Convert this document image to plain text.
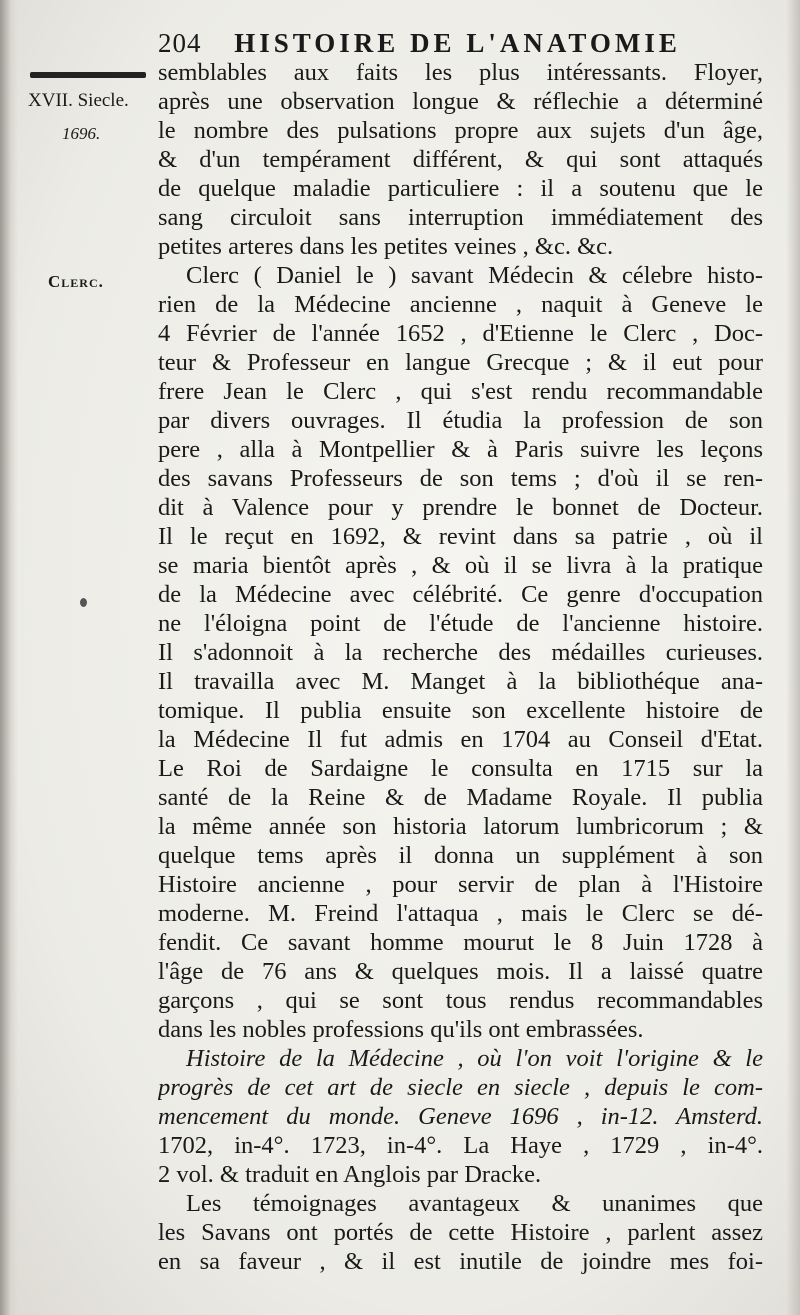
204 HISTOIRE DE L'ANATOMIE
XVII. Siecle.
1696.
Clerc.
semblables aux faits les plus intéressants. Floyer,
après une observation longue & réflechie a déterminé
le nombre des pulsations propre aux sujets d'un âge,
& d'un tempérament différent, & qui sont attaqués
de quelque maladie particuliere : il a soutenu que le
sang circuloit sans interruption immédiatement des
petites arteres dans les petites veines , &c. &c.
Clerc ( Daniel le ) savant Médecin & célebre histo-
rien de la Médecine ancienne , naquit à Geneve le
4 Février de l'année 1652 , d'Etienne le Clerc , Doc-
teur & Professeur en langue Grecque ; & il eut pour
frere Jean le Clerc , qui s'est rendu recommandable
par divers ouvrages. Il étudia la profession de son
pere , alla à Montpellier & à Paris suivre les leçons
des savans Professeurs de son tems ; d'où il se ren-
dit à Valence pour y prendre le bonnet de Docteur.
Il le reçut en 1692, & revint dans sa patrie , où il
se maria bientôt après , & où il se livra à la pratique
de la Médecine avec célébrité. Ce genre d'occupation
ne l'éloigna point de l'étude de l'ancienne histoire.
Il s'adonnoit à la recherche des médailles curieuses.
Il travailla avec M. Manget à la bibliothéque ana-
tomique. Il publia ensuite son excellente histoire de
la Médecine Il fut admis en 1704 au Conseil d'Etat.
Le Roi de Sardaigne le consulta en 1715 sur la
santé de la Reine & de Madame Royale. Il publia
la même année son historia latorum lumbricorum ; &
quelque tems après il donna un supplément à son
Histoire ancienne , pour servir de plan à l'Histoire
moderne. M. Freind l'attaqua , mais le Clerc se dé-
fendit. Ce savant homme mourut le 8 Juin 1728 à
l'âge de 76 ans & quelques mois. Il a laissé quatre
garçons , qui se sont tous rendus recommandables
dans les nobles professions qu'ils ont embrassées.
Histoire de la Médecine , où l'on voit l'origine & le
progrès de cet art de siecle en siecle , depuis le com-
mencement du monde. Geneve 1696 , in-12. Amsterd.
1702, in-4°. 1723, in-4°. La Haye , 1729 , in-4°.
2 vol. & traduit en Anglois par Dracke.
Les témoignages avantageux & unanimes que
les Savans ont portés de cette Histoire , parlent assez
en sa faveur , & il est inutile de joindre mes foi-
